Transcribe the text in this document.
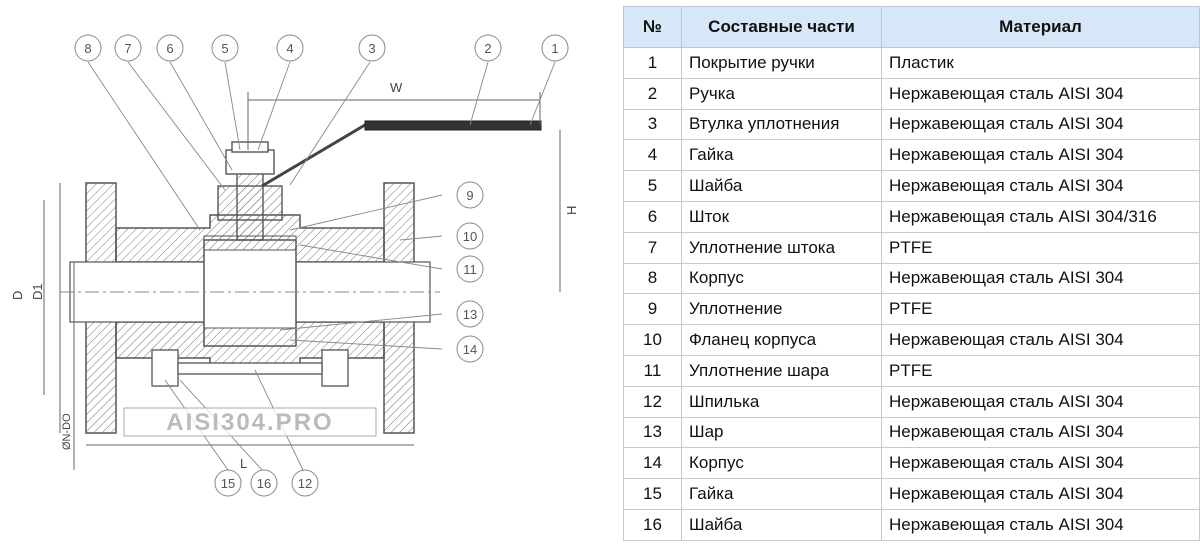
W
H
D D1
ØN-DO
L
1
2
3
4
5
6
7
8
9
10
11
13
14
15 16 12
AISI304.PRO
№	Составные части	Материал
1	Покрытие ручки	Пластик
2	Ручка	Нержавеющая сталь AISI 304
3	Втулка уплотнения	Нержавеющая сталь AISI 304
4	Гайка	Нержавеющая сталь AISI 304
5	Шайба	Нержавеющая сталь AISI 304
6	Шток	Нержавеющая сталь AISI 304/316
7	Уплотнение штока	PTFE
8	Корпус	Нержавеющая сталь AISI 304
9	Уплотнение	PTFE
10	Фланец корпуса	Нержавеющая сталь AISI 304
11	Уплотнение шара	PTFE
12	Шпилька	Нержавеющая сталь AISI 304
13	Шар	Нержавеющая сталь AISI 304
14	Корпус	Нержавеющая сталь AISI 304
15	Гайка	Нержавеющая сталь AISI 304
16	Шайба	Нержавеющая сталь AISI 304
